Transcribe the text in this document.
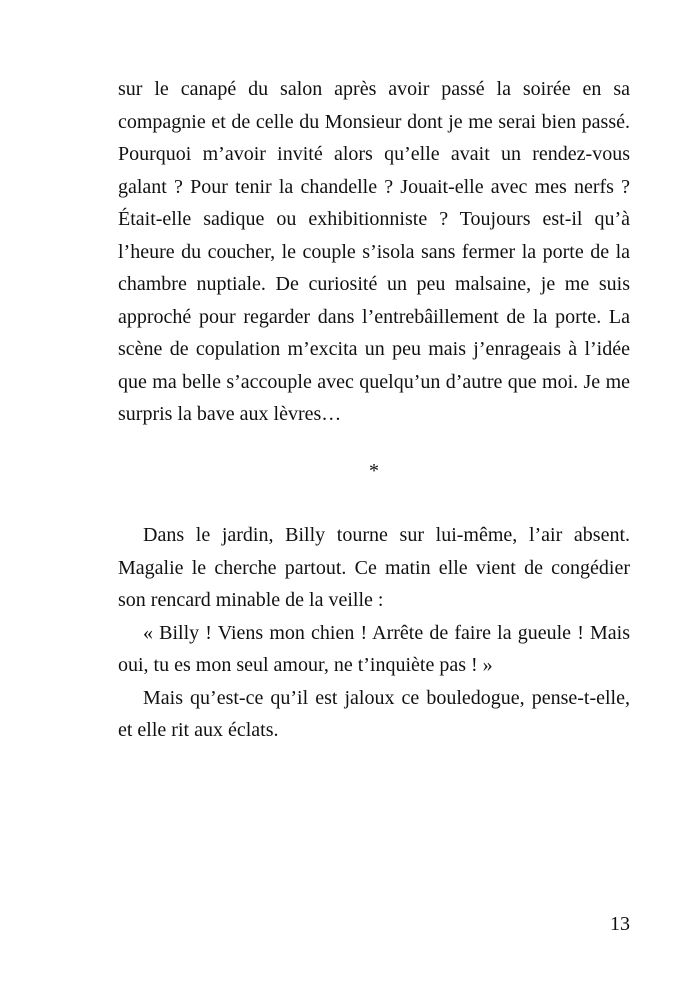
sur le canapé du salon après avoir passé la soirée en sa compagnie et de celle du Monsieur dont je me serai bien passé. Pourquoi m’avoir invité alors qu’elle avait un rendez-vous galant ? Pour tenir la chandelle ? Jouait-elle avec mes nerfs ? Était-elle sadique ou exhibitionniste ? Toujours est-il qu’à l’heure du coucher, le couple s’isola sans fermer la porte de la chambre nuptiale. De curiosité un peu malsaine, je me suis approché pour regarder dans l’entrebâillement de la porte. La scène de copulation m’excita un peu mais j’enrageais à l’idée que ma belle s’accouple avec quelqu’un d’autre que moi. Je me surpris la bave aux lèvres…

*

Dans le jardin, Billy tourne sur lui-même, l’air absent. Magalie le cherche partout. Ce matin elle vient de congédier son rencard minable de la veille :

« Billy ! Viens mon chien ! Arrête de faire la gueule ! Mais oui, tu es mon seul amour, ne t’inquiète pas ! »

Mais qu’est-ce qu’il est jaloux ce bouledogue, pense-t-elle, et elle rit aux éclats.

13
